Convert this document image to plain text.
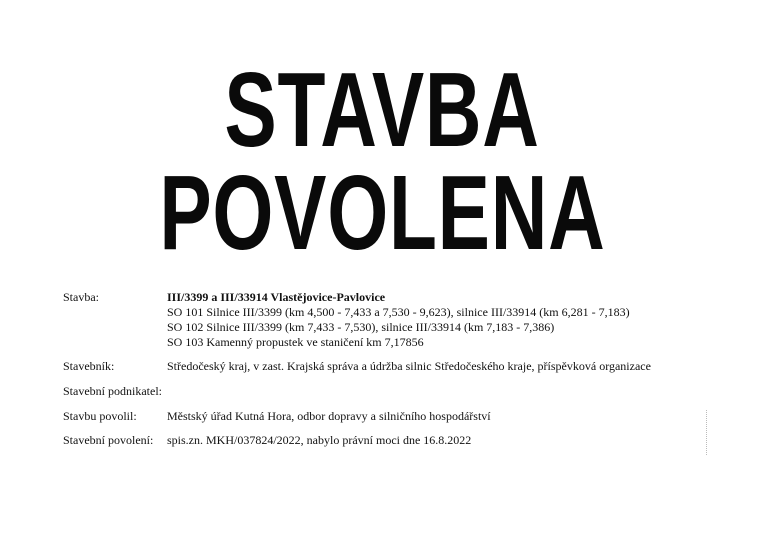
STAVBA
POVOLENA
Stavba:	III/3399 a III/33914 Vlastějovice-Pavlovice
SO 101 Silnice III/3399 (km 4,500 - 7,433 a 7,530 - 9,623), silnice III/33914 (km 6,281 - 7,183)
SO 102 Silnice III/3399 (km 7,433 - 7,530), silnice III/33914 (km 7,183 - 7,386)
SO 103 Kamenný propustek ve staničení km 7,17856
Stavebník:	Středočeský kraj, v zast. Krajská správa a údržba silnic Středočeského kraje, příspěvková organizace
Stavební podnikatel:
Stavbu povolil:	Městský úřad Kutná Hora, odbor dopravy a silničního hospodářství
Stavební povolení: spis.zn. MKH/037824/2022, nabylo právní moci dne 16.8.2022
